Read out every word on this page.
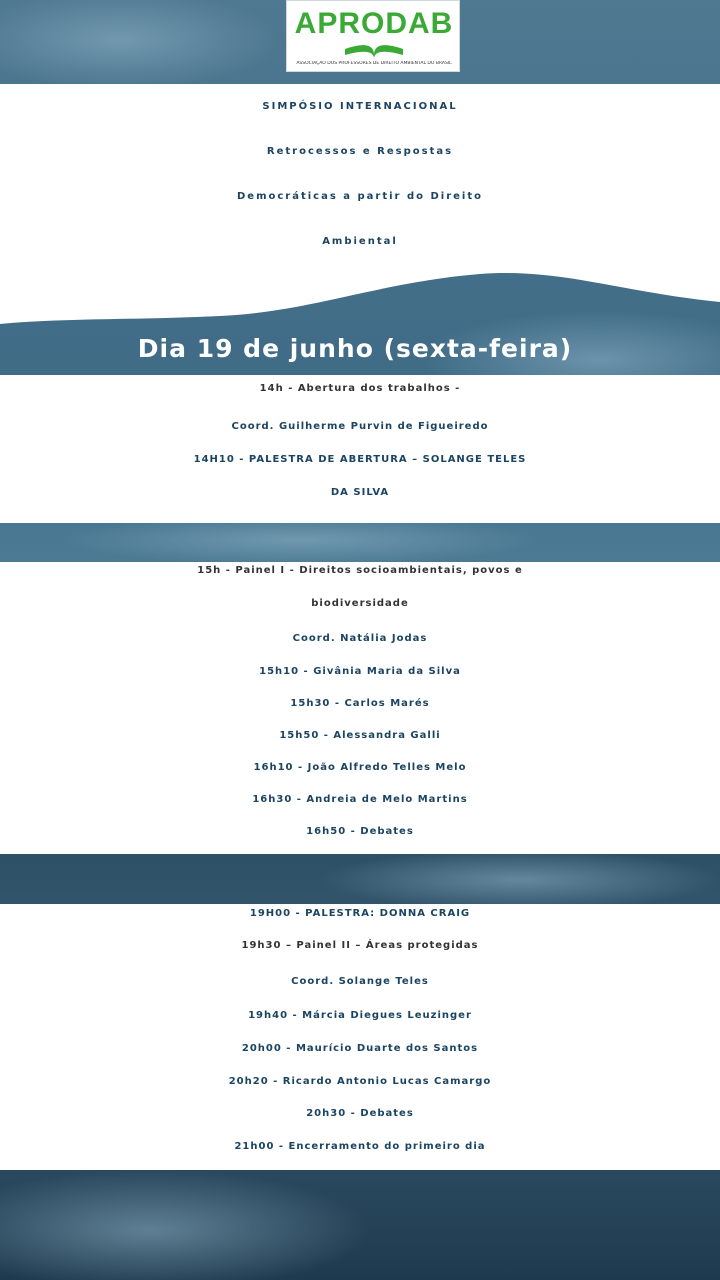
APRODAB
ASSOCIAÇÃO DOS PROFESSORES DE DIREITO AMBIENTAL DO BRASIL
SIMPÓSIO INTERNACIONAL
Retrocessos e Respostas
Democráticas a partir do Direito
Ambiental
Dia 19 de junho (sexta-feira)
14h - Abertura dos trabalhos -
Coord. Guilherme Purvin de Figueiredo
14H10 - PALESTRA DE ABERTURA – SOLANGE TELES
DA SILVA
15h - Painel I - Direitos socioambientais, povos e
biodiversidade
Coord. Natália Jodas
15h10 - Givânia Maria da Silva
15h30 - Carlos Marés
15h50 - Alessandra Galli
16h10 - João Alfredo Telles Melo
16h30 - Andreia de Melo Martins
16h50 - Debates
19H00 - PALESTRA: DONNA CRAIG
19h30 – Painel II – Áreas protegidas
Coord. Solange Teles
19h40 - Márcia Diegues Leuzinger
20h00 - Maurício Duarte dos Santos
20h20 - Ricardo Antonio Lucas Camargo
20h30 - Debates
21h00 - Encerramento do primeiro dia
